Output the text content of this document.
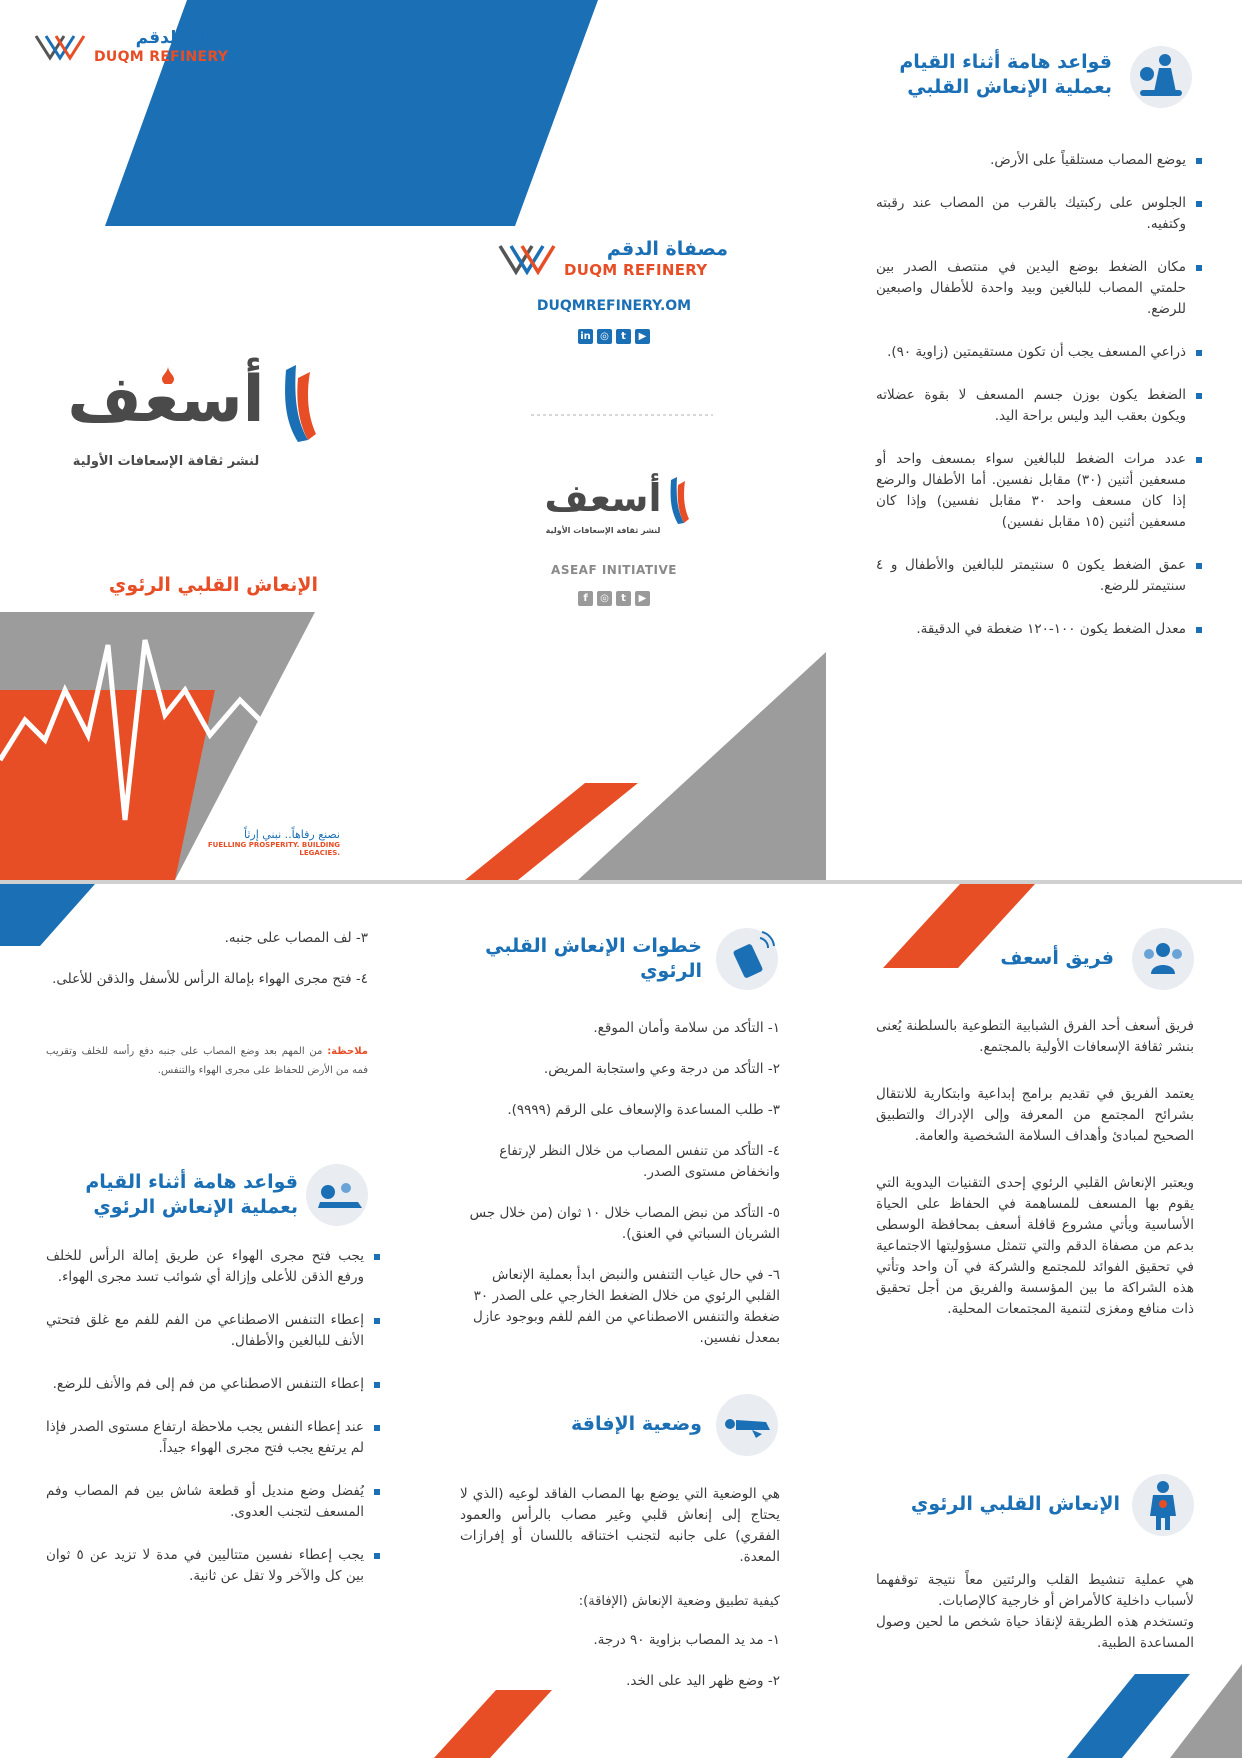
مصفاة الدقم
DUQM REFINERY
أسعف
لنشر ثقافة الإسعافات الأولية
الإنعاش القلبي الرئوي
نصنع رفاهاً.. نبني إرثاً
FUELLING PROSPERITY. BUILDING LEGACIES.
مصفاة الدقم
DUQM REFINERY
DUQMREFINERY.OM
in ◎ t ▶
أسعف
لنشر ثقافة الإسعافات الأولية
ASEAF INITIATIVE
f ◎ t ▶
قواعد هامة أثناء القيام
بعملية الإنعاش القلبي
يوضع المصاب مستلقياً على الأرض.
الجلوس على ركبتيك بالقرب من المصاب عند رقبته وكتفيه.
مكان الضغط بوضع اليدين في منتصف الصدر بين حلمتي المصاب للبالغين وبيد واحدة للأطفال واصبعين للرضع.
ذراعي المسعف يجب أن تكون مستقيمتين (زاوية ٩٠).
الضغط يكون بوزن جسم المسعف لا بقوة عضلاته ويكون بعقب اليد وليس براحة اليد.
عدد مرات الضغط للبالغين سواء بمسعف واحد أو مسعفين أثنين (٣٠) مقابل نفسين. أما الأطفال والرضع إذا كان مسعف واحد ٣٠ مقابل نفسين) وإذا كان مسعفين أثنين (١٥ مقابل نفسين)
عمق الضغط يكون ٥ سنتيمتر للبالغين والأطفال و ٤ سنتيمتر للرضع.
معدل الضغط يكون ١٠٠-١٢٠ ضغطة في الدقيقة.
فريق أسعف

فريق أسعف أحد الفرق الشبابية التطوعية بالسلطنة يُعنى بنشر ثقافة الإسعافات الأولية بالمجتمع.

يعتمد الفريق في تقديم برامج إبداعية وابتكارية للانتقال بشرائح المجتمع من المعرفة وإلى الإدراك والتطبيق الصحيح لمبادئ وأهداف السلامة الشخصية والعامة.

ويعتبر الإنعاش القلبي الرئوي إحدى التقنيات اليدوية التي يقوم بها المسعف للمساهمة في الحفاظ على الحياة الأساسية ويأتي مشروع قافلة أسعف بمحافظة الوسطى بدعم من مصفاة الدقم والتي تتمثل مسؤوليتها الاجتماعية في تحقيق الفوائد للمجتمع والشركة في آن واحد وتأتي هذه الشراكة ما بين المؤسسة والفريق من أجل تحقيق ذات منافع ومغزى لتنمية المجتمعات المحلية.

الإنعاش القلبي الرئوي

هي عملية تنشيط القلب والرئتين معاً نتيجة توقفهما لأسباب داخلية كالأمراض أو خارجية كالإصابات.

وتستخدم هذه الطريقة لإنقاذ حياة شخص ما لحين وصول المساعدة الطبية.

خطوات الإنعاش القلبي
الرئوي
١- التأكد من سلامة وأمان الموقع.
٢- التأكد من درجة وعي واستجابة المريض.
٣- طلب المساعدة والإسعاف على الرقم (٩٩٩٩).
٤- التأكد من تنفس المصاب من خلال النظر لإرتفاع وانخفاض مستوى الصدر.
٥- التأكد من نبض المصاب خلال ١٠ ثوان (من خلال جس الشريان السباتي في العنق).
٦- في حال غياب التنفس والنبض ابدأ بعملية الإنعاش القلبي الرئوي من خلال الضغط الخارجي على الصدر ٣٠ ضغطة والتنفس الاصطناعي من الفم للفم وبوجود عازل بمعدل نفسين.
وضعية الإفاقة

هي الوضعية التي يوضع بها المصاب الفاقد لوعيه (الذي لا يحتاج إلى إنعاش قلبي وغير مصاب بالرأس والعمود الفقري) على جانبه لتجنب اختناقه باللسان أو إفرازات المعدة.

كيفية تطبيق وضعية الإنعاش (الإفاقة):
١- مد يد المصاب بزاوية ٩٠ درجة.
٢- وضع ظهر اليد على الخد.
٣- لف المصاب على جنبه.
٤- فتح مجرى الهواء بإمالة الرأس للأسفل والذقن للأعلى.
ملاحظة: من المهم بعد وضع المصاب على جنبه دفع رأسه للخلف وتقريب فمه من الأرض للحفاظ على مجرى الهواء والتنفس.
قواعد هامة أثناء القيام
بعملية الإنعاش الرئوي
يجب فتح مجرى الهواء عن طريق إمالة الرأس للخلف ورفع الذقن للأعلى وإزالة أي شوائب تسد مجرى الهواء.
إعطاء التنفس الاصطناعي من الفم للفم مع غلق فتحتي الأنف للبالغين والأطفال.
إعطاء التنفس الاصطناعي من فم إلى فم والأنف للرضع.
عند إعطاء النفس يجب ملاحظة ارتفاع مستوى الصدر فإذا لم يرتفع يجب فتح مجرى الهواء جيداً.
يُفضل وضع منديل أو قطعة شاش بين فم المصاب وفم المسعف لتجنب العدوى.
يجب إعطاء نفسين متتاليين في مدة لا تزيد عن ٥ ثوان بين كل والآخر ولا تقل عن ثانية.
